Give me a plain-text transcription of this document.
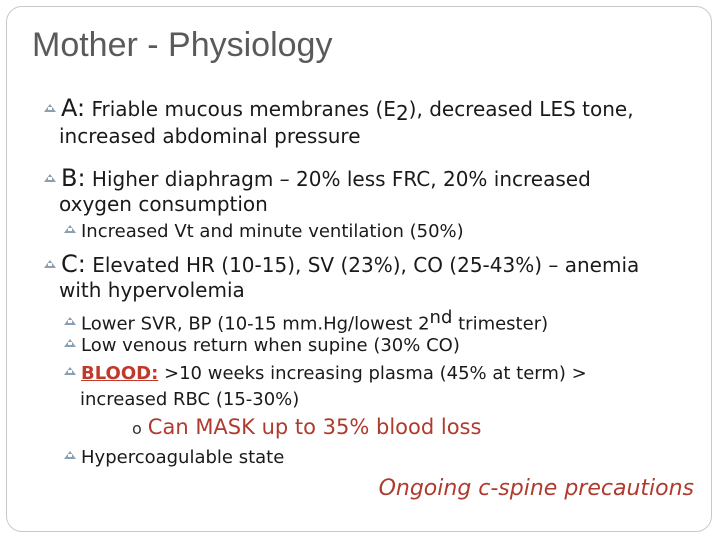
Mother - Physiology
A: Friable mucous membranes $(E_2)$, decreased LES tone,
increased abdominal pressure
B: Higher diaphragm – 20% less FRC, 20% increased
oxygen consumption
Increased Vt and minute ventilation (50%)
C: Elevated HR (10-15), SV (23%), CO (25-43%) – anemia
with hypervolemia
Lower SVR, BP (10-15 mm.Hg/lowest 2nd trimester)
Low venous return when supine (30% CO)
BLOOD: >10 weeks increasing plasma (45% at term) >
increased RBC (15-30%)
o Can MASK up to 35% blood loss
Hypercoagulable state
Ongoing c-spine precautions
